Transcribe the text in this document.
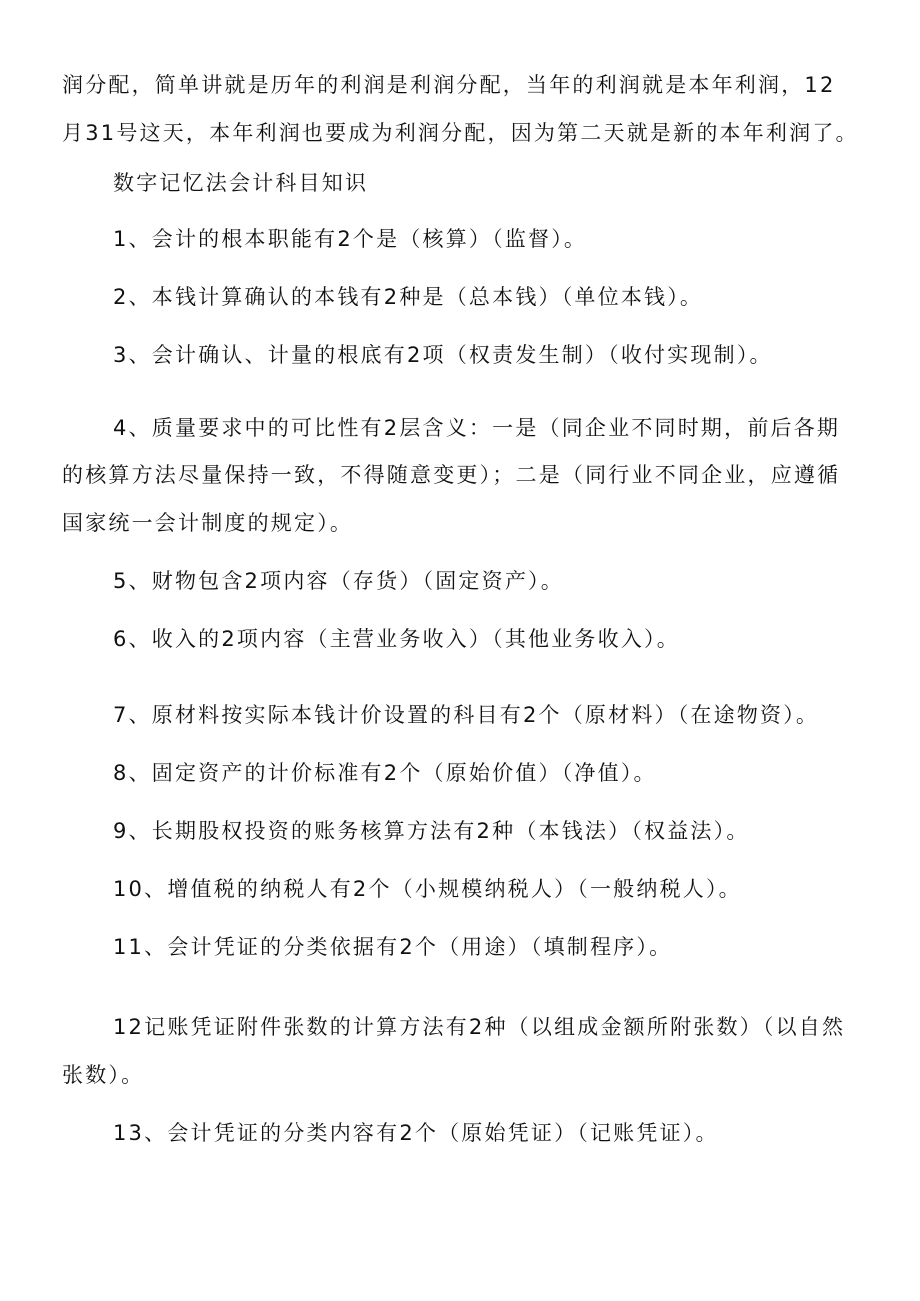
润分配，简单讲就是历年的利润是利润分配，当年的利润就是本年利润，12
月31号这天，本年利润也要成为利润分配，因为第二天就是新的本年利润了。
数字记忆法会计科目知识
1、会计的根本职能有2个是（核算）（监督）。
2、本钱计算确认的本钱有2种是（总本钱）（单位本钱）。
3、会计确认、计量的根底有2项（权责发生制）（收付实现制）。
4、质量要求中的可比性有2层含义：一是（同企业不同时期，前后各期
的核算方法尽量保持一致，不得随意变更）；二是（同行业不同企业，应遵循
国家统一会计制度的规定）。
5、财物包含2项内容（存货）（固定资产）。
6、收入的2项内容（主营业务收入）（其他业务收入）。
7、原材料按实际本钱计价设置的科目有2个（原材料）（在途物资）。
8、固定资产的计价标准有2个（原始价值）（净值）。
9、长期股权投资的账务核算方法有2种（本钱法）（权益法）。
10、增值税的纳税人有2个（小规模纳税人）（一般纳税人）。
11、会计凭证的分类依据有2个（用途）（填制程序）。
12记账凭证附件张数的计算方法有2种（以组成金额所附张数）（以自然
张数）。
13、会计凭证的分类内容有2个（原始凭证）（记账凭证）。
